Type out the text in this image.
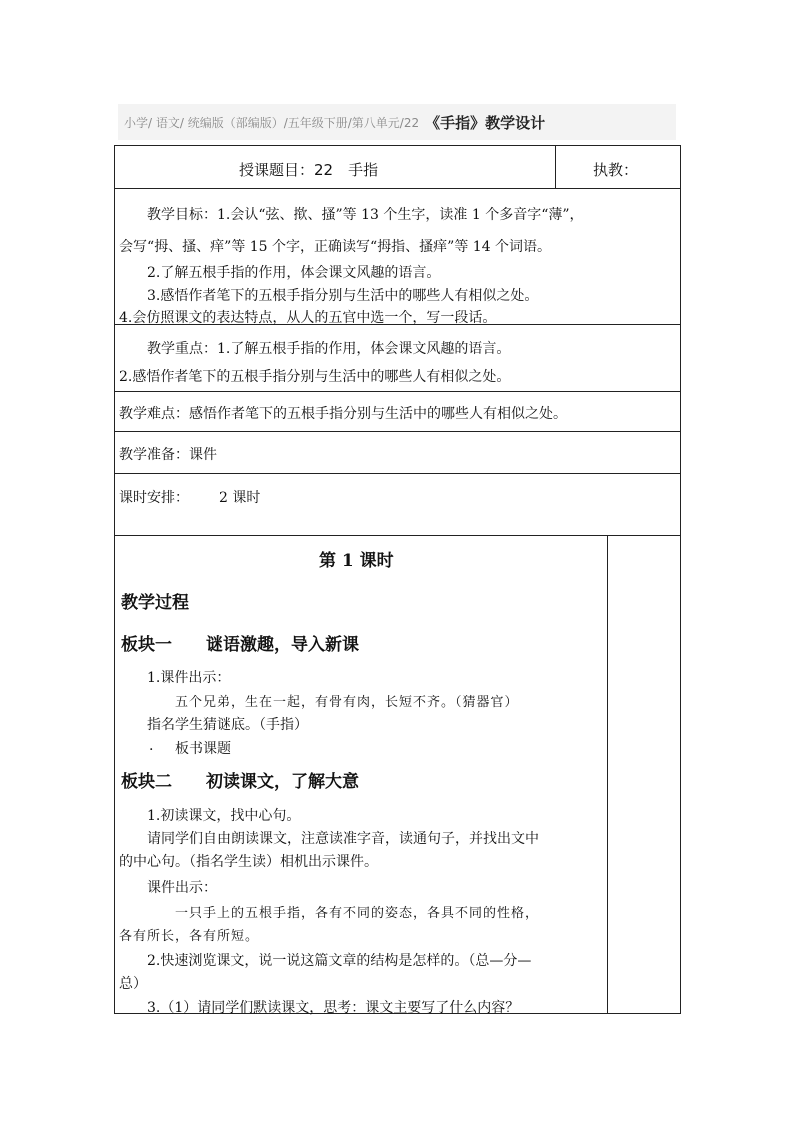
小学/ 语文/ 统编版（部编版）/五年级下册/第八单元/22 《手指》教学设计
授课题目：22　手指	执教：
教学目标：1.会认“弦、揿、搔”等 13 个生字，读准 1 个多音字“薄”，
会写“拇、搔、痒”等 15 个字，正确读写“拇指、搔痒”等 14 个词语。
2.了解五根手指的作用，体会课文风趣的语言。
3.感悟作者笔下的五根手指分别与生活中的哪些人有相似之处。
4.会仿照课文的表达特点，从人的五官中选一个，写一段话。
教学重点：1.了解五根手指的作用，体会课文风趣的语言。
2.感悟作者笔下的五根手指分别与生活中的哪些人有相似之处。
教学难点：感悟作者笔下的五根手指分别与生活中的哪些人有相似之处。
教学准备：课件
课时安排： 2 课时
第 1 课时
教学过程
板块一　　谜语激趣，导入新课
1.课件出示：
五个兄弟，生在一起，有骨有肉，长短不齐。（猜器官）
指名学生猜谜底。（手指）
. 板书课题
板块二　　初读课文，了解大意
1.初读课文，找中心句。
请同学们自由朗读课文，注意读准字音，读通句子，并找出文中
的中心句。（指名学生读）相机出示课件。
课件出示：
一只手上的五根手指，各有不同的姿态，各具不同的性格，
各有所长，各有所短。
2.快速浏览课文，说一说这篇文章的结构是怎样的。（总—分—
总）
3.（1）请同学们默读课文，思考：课文主要写了什么内容？
